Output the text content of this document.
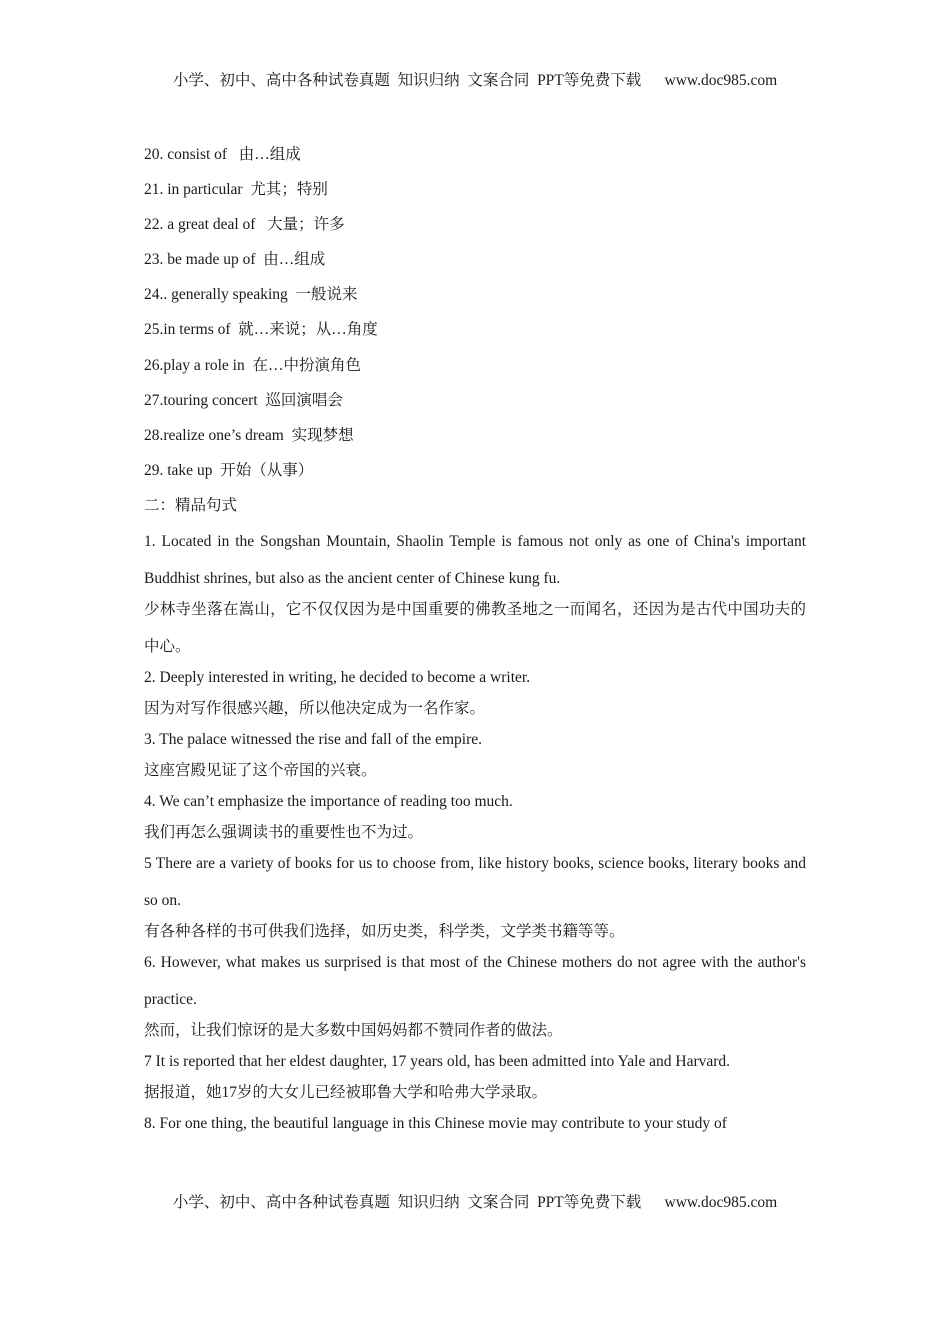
小学、初中、高中各种试卷真题  知识归纳  文案合同  PPT等免费下载      www.doc985.com
20. consist of   由…组成
21. in particular  尤其；特别
22. a great deal of   大量；许多
23. be made up of  由…组成
24.. generally speaking  一般说来
25.in terms of  就…来说；从…角度
26.play a role in  在…中扮演角色
27.touring concert  巡回演唱会
28.realize one’s dream  实现梦想
29. take up  开始（从事）
二：精品句式

1. Located in the Songshan Mountain, Shaolin Temple is famous not only as one of China's important Buddhist shrines, but also as the ancient center of Chinese kung fu.

少林寺坐落在嵩山，它不仅仅因为是中国重要的佛教圣地之一而闻名，还因为是古代中国功夫的中心。

2. Deeply interested in writing, he decided to become a writer.

因为对写作很感兴趣，所以他决定成为一名作家。

3. The palace witnessed the rise and fall of the empire.

这座宫殿见证了这个帝国的兴衰。

4. We can’t emphasize the importance of reading too much.

我们再怎么强调读书的重要性也不为过。

5 There are a variety of books for us to choose from, like history books, science books, literary books and so on.

有各种各样的书可供我们选择，如历史类，科学类，文学类书籍等等。

6. However, what makes us surprised is that most of the Chinese mothers do not agree with the author's practice.

然而，让我们惊讶的是大多数中国妈妈都不赞同作者的做法。

7 It is reported that her eldest daughter, 17 years old, has been admitted into Yale and Harvard.

据报道，她17岁的大女儿已经被耶鲁大学和哈弗大学录取。

8. For one thing, the beautiful language in this Chinese movie may contribute to your study of

小学、初中、高中各种试卷真题  知识归纳  文案合同  PPT等免费下载      www.doc985.com
